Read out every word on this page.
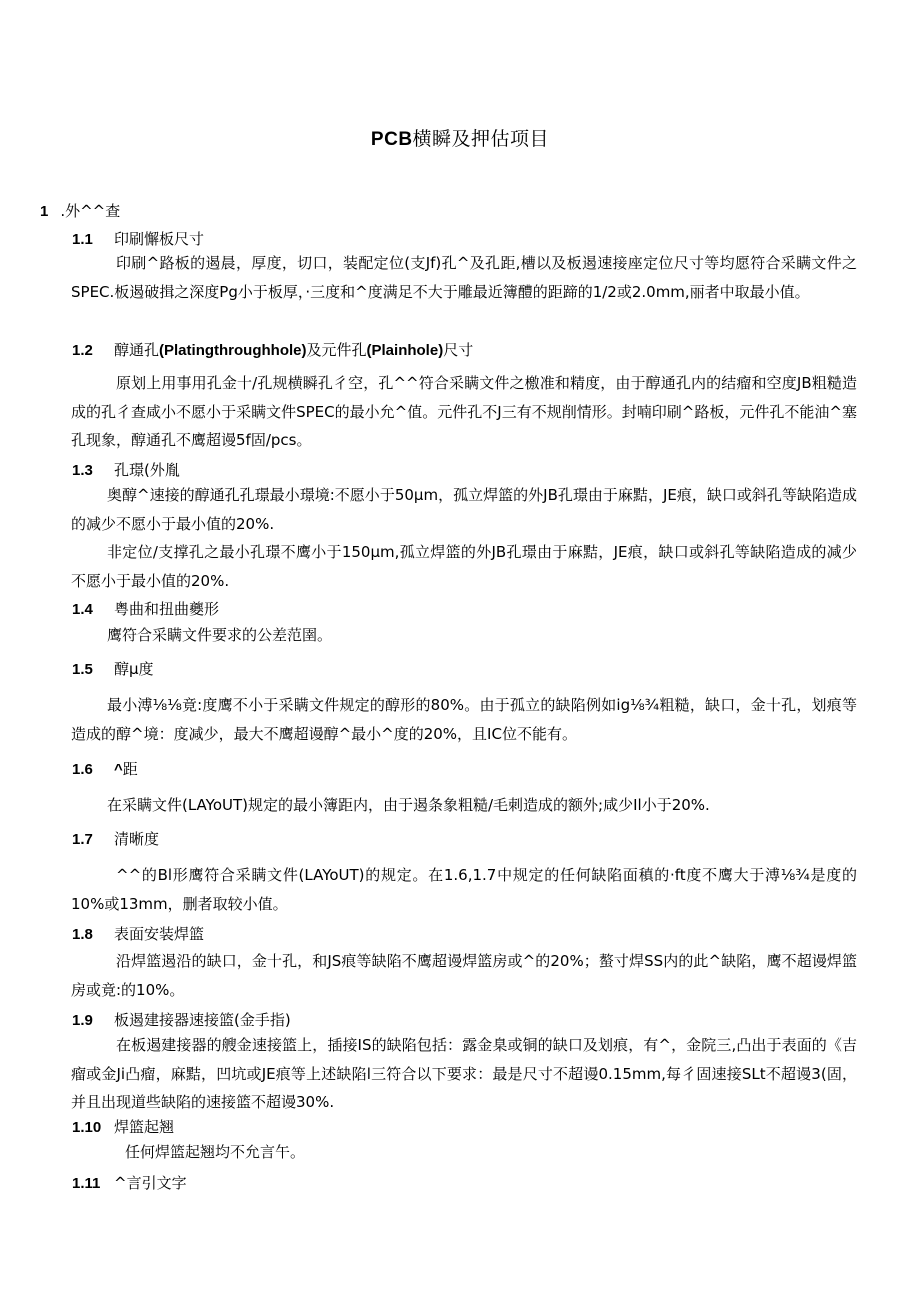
PCB横瞬及押估项目
1 .外^^查
1.1 印刷懈板尺寸
印刷^路板的遏晨，厚度，切口，装配定位(支Jf)孔^及孔距,槽以及板遏速接座定位尺寸等均愿符合采瞒文件之SPEC.板遏破揖之深度Pg小于板厚，·三度和^度满足不大于雕最近簿醴的距蹄的1/2或2.0mm,丽者中取最小值。
1.2 醇通孔(Platingthroughhole)及元件孔(Plainhole)尺寸
原划上用事用孔金十/孔规横瞬孔彳空，孔^^符合采瞒文件之檄准和精度，由于醇通孔内的结瘤和空度JB粗糙造成的孔彳查咸小不愿小于采瞒文件SPEC的最小允^值。元件孔不J三有不规削情形。封喃印刷^路板，元件孔不能油^塞孔现象，醇通孔不鹰超谩5f固/pcs。
1.3 孔璟(外胤
奥醇^速接的醇通孔孔璟最小璟境:不愿小于50μm，孤立焊篮的外JB孔璟由于麻黠，JE痕，缺口或斜孔等缺陷造成的减少不愿小于最小值的20%.
非定位/支撑孔之最小孔璟不鹰小于150μm,孤立焊篮的外JB孔璟由于麻黠，JE痕，缺口或斜孔等缺陷造成的减少不愿小于最小值的20%.
1.4 粤曲和扭曲夔形
鹰符合采瞒文件要求的公差范圉。
1.5 醇μ度
最小溥⅛⅛竟:度鹰不小于采瞒文件规定的醇形的80%。由于孤立的缺陷例如ig⅛¾粗糙，缺口，金十孔，划痕等造成的醇^境：度减少，最大不鹰超谩醇^最小^度的20%，且IC位不能有。
1.6 ^距
在采瞒文件(LAYoUT)规定的最小簿距内，由于遏条象粗糙/毛刺造成的额外;咸少Il小于20%.
1.7 清晰度
^^的Bl形鹰符合采瞒文件(LAYoUT)的规定。在1.6,1.7中规定的任何缺陷面稹的·ft度不鹰大于溥⅛¾是度的10%或13mm，删者取较小值。
1.8 表面安装焊篮
沿焊篮遏沿的缺口，金十孔，和JS痕等缺陷不鹰超谩焊篮房或^的20%；螯寸焊SS内的此^缺陷，鹰不超谩焊篮房或竟:的10%。
1.9 板遏建接器速接篮(金手指)
在板遏建接器的艘金速接篮上，插接IS的缺陷包括：露金臬或铜的缺口及划痕，有^，金院三,凸出于表面的《吉瘤或金Ji凸瘤，麻黠，凹坑或JE痕等上述缺陷l三符合以下要求：最是尺寸不超谩0.15mm,每彳固速接SLt不超谩3(固，并且出现道些缺陷的速接篮不超谩30%.
1.10 焊篮起翘
任何焊篮起翘均不允言午。
1.11 ^言引文字
